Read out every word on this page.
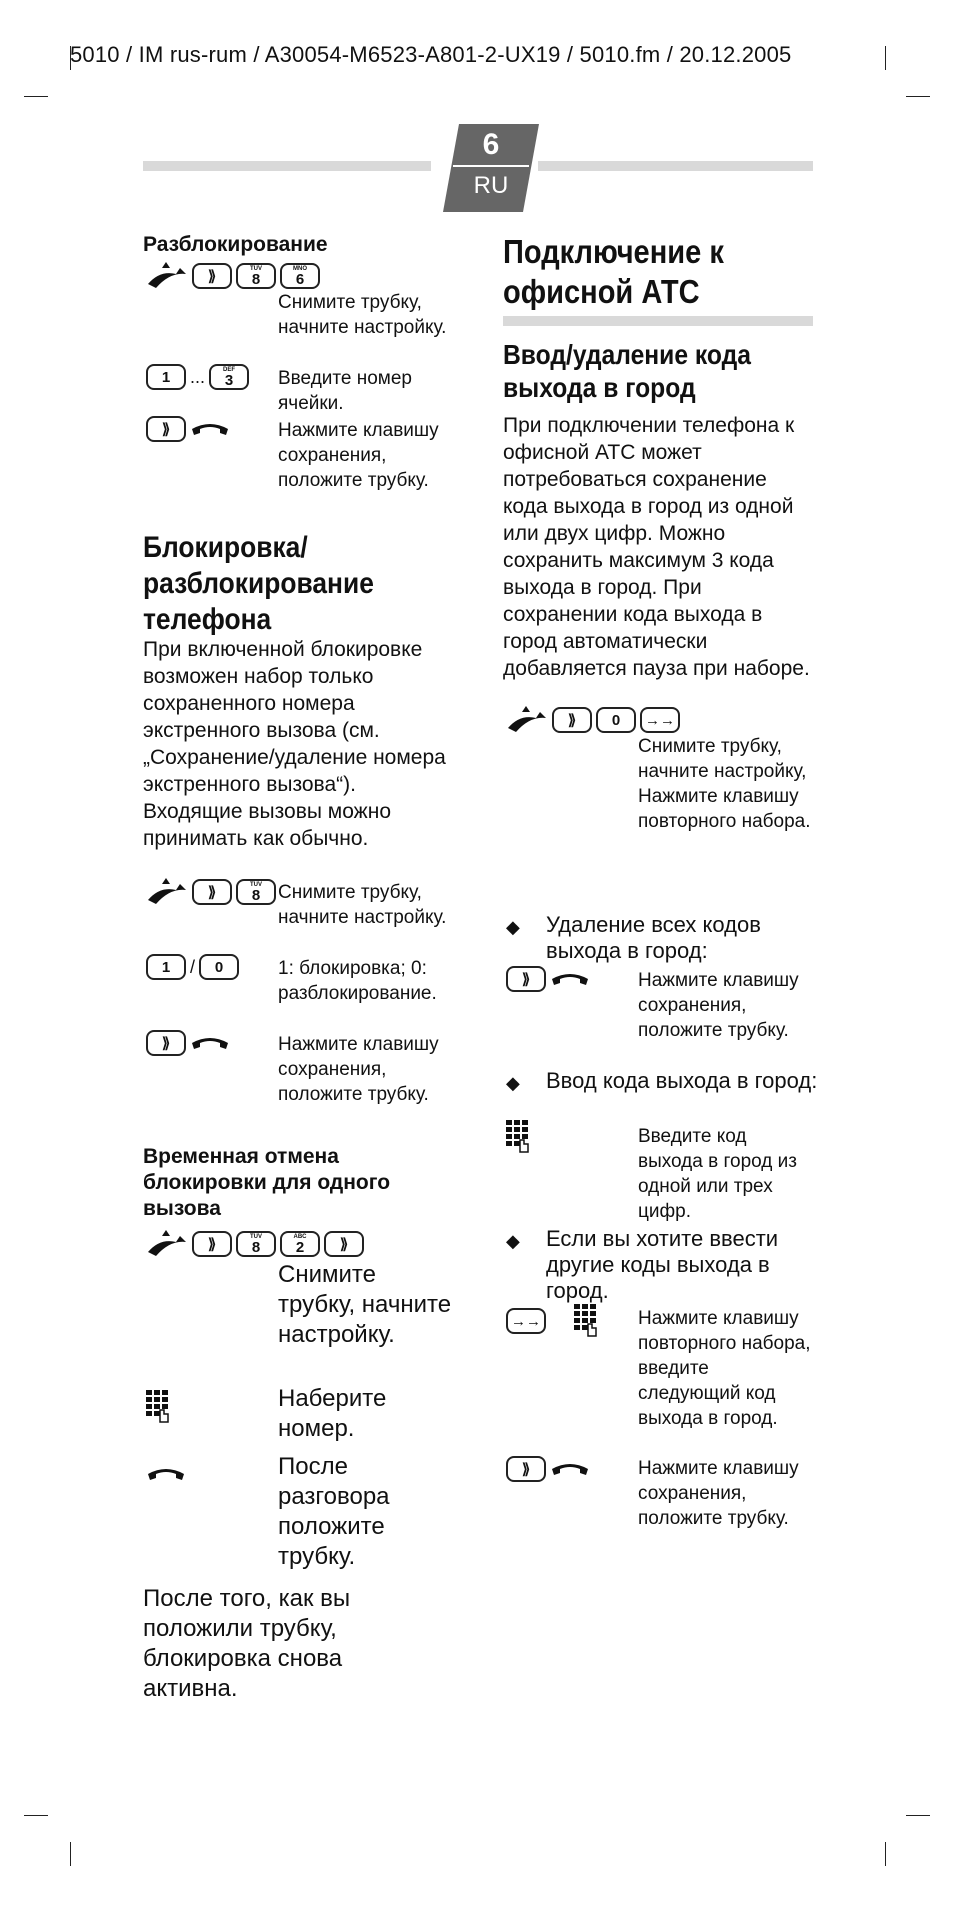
5010 / IM rus-rum / A30054-M6523-A801-2-UX19 / 5010.fm / 20.12.2005
6
RU
Разблокирование
⟫	TUV
8
MNO
6
Снимите трубку, начните настройку.
1	...	DEF
3 Введите номер ячейки.
⟫	Нажмите клавишу сохранения, положите трубку.
Блокировка/
разблокирование
телефона
При включенной блокировке возможен набор только сохраненного номера экстренного вызова (см. „Сохранение/удаление номера экстренного вызова“). Входящие вызовы можно принимать как обычно.
⟫	TUV
8 Снимите трубку, начните настройку.
1	/	0	1: блокировка; 0: разблокирование.
⟫	Нажмите клавишу сохранения, положите трубку.
Временная отмена
блокировки для одного
вызова
⟫	TUV
8
ABC
2	⟫
Снимите трубку, начните настройку.
Наберите номер.
После разговора положите трубку.
После того, как вы положили трубку, блокировка снова активна.
Подключение к
офисной АТС
Ввод/удаление кода
выхода в город
При подключении телефона к офисной АТС может потребоваться сохранение кода выхода в город из одной или двух цифр. Можно сохранить максимум 3 кода выхода в город. При сохранении кода выхода в город автоматически добавляется пауза при наборе.
⟫	0	→→
Снимите трубку, начните настройку, Нажмите клавишу повторного набора.
◆ Удаление всех кодов выхода в город:
⟫	Нажмите клавишу сохранения, положите трубку.
◆ Ввод кода выхода в город:
Введите код выхода в город из одной или трех цифр.
◆ Если вы хотите ввести другие коды выхода в город.
→→	Нажмите клавишу повторного набора, введите следующий код выхода в город.
⟫	Нажмите клавишу сохранения, положите трубку.
